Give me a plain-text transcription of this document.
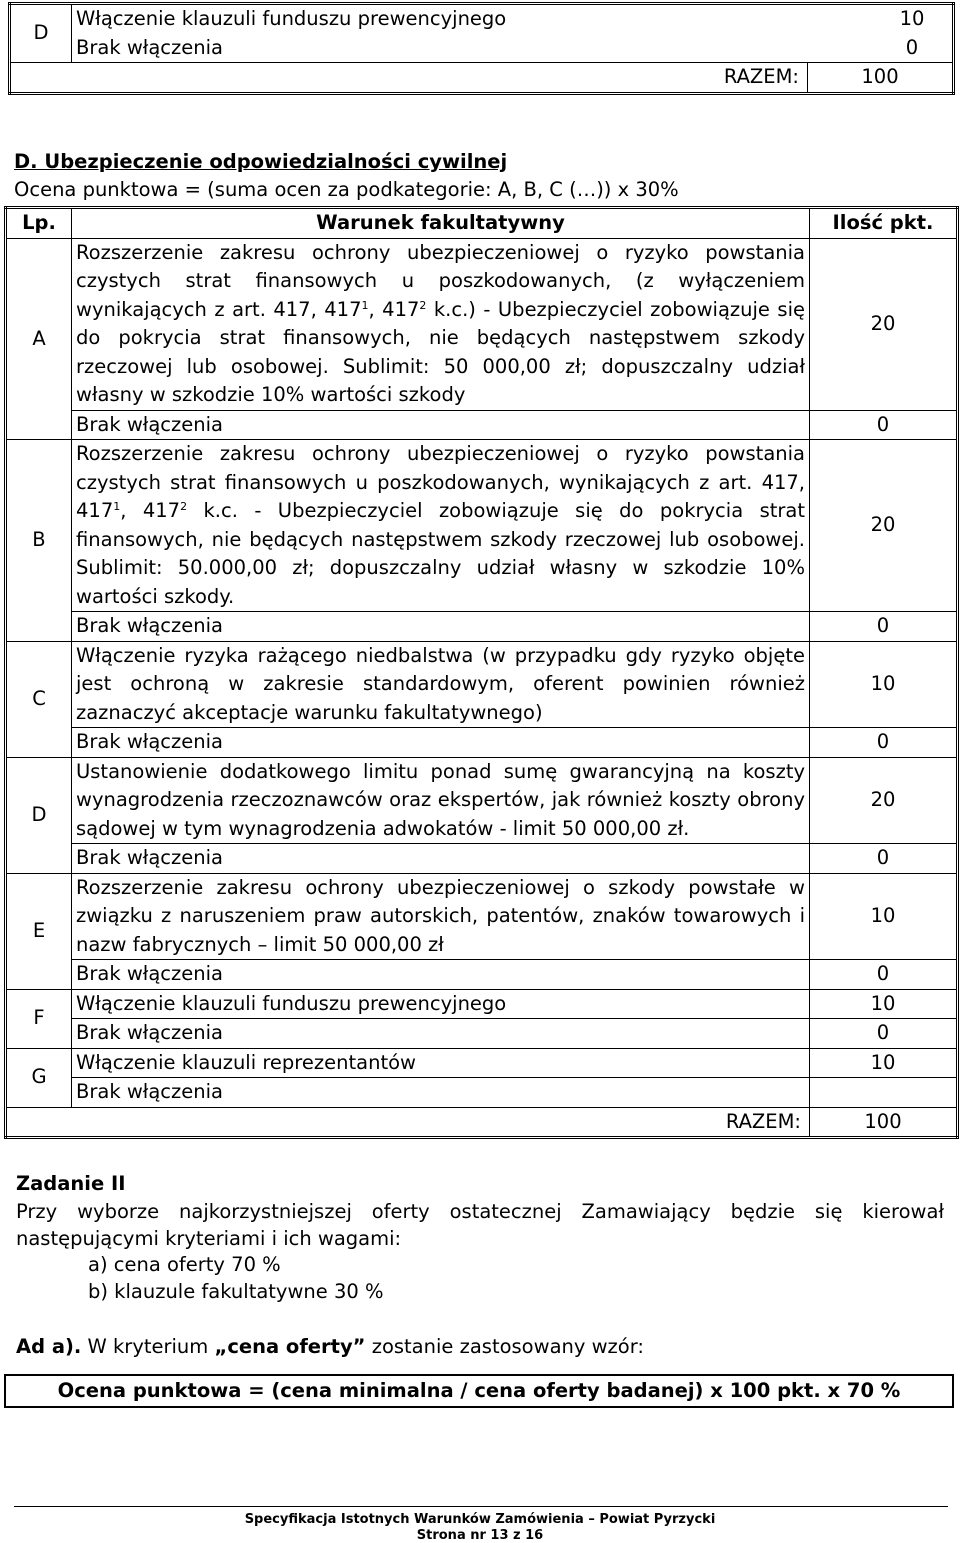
D	Włączenie klauzuli funduszu prewencyjnego 10	

	Brak włączenia 0	

RAZEM:		100
D. Ubezpieczenie odpowiedzialności cywilnej
Ocena punktowa = (suma ocen za podkategorie: A, B, C (…)) x 30%
Lp.	Warunek fakultatywny	Ilość pkt.
A	Rozszerzenie zakresu ochrony ubezpieczeniowej o ryzyko powstania czystych strat finansowych u poszkodowanych, (z wyłączeniem wynikających z art. 417, $417^1$, $417^2$ k.c.) - Ubezpieczyciel zobowiązuje się do pokrycia strat finansowych, nie będących następstwem szkody rzeczowej lub osobowej. Sublimit: 50 000,00 zł; dopuszczalny udział własny w szkodzie 10% wartości szkody	20
	Brak włączenia	0
B	Rozszerzenie zakresu ochrony ubezpieczeniowej o ryzyko powstania czystych strat finansowych u poszkodowanych, wynikających z art. 417, $417^1$, $417^2$ k.c. - Ubezpieczyciel zobowiązuje się do pokrycia strat finansowych, nie będących następstwem szkody rzeczowej lub osobowej. Sublimit: 50.000,00 zł; dopuszczalny udział własny w szkodzie 10% wartości szkody.	20
	Brak włączenia	0
C	Włączenie ryzyka rażącego niedbalstwa (w przypadku gdy ryzyko objęte jest ochroną w zakresie standardowym, oferent powinien również zaznaczyć akceptacje warunku fakultatywnego)	10
	Brak włączenia	0
D	Ustanowienie dodatkowego limitu ponad sumę gwarancyjną na koszty wynagrodzenia rzeczoznawców oraz ekspertów, jak również koszty obrony sądowej w tym wynagrodzenia adwokatów - limit 50 000,00 zł.	20
	Brak włączenia	0
E	Rozszerzenie zakresu ochrony ubezpieczeniowej o szkody powstałe w związku z naruszeniem praw autorskich, patentów, znaków towarowych i nazw fabrycznych – limit 50 000,00 zł	10
	Brak włączenia	0
F	Włączenie klauzuli funduszu prewencyjnego	10
	Brak włączenia	0
G	Włączenie klauzuli reprezentantów	10
	Brak włączenia	
RAZEM:		100
Zadanie II
Przy wyborze najkorzystniejszej oferty ostatecznej Zamawiający będzie się kierował następującymi kryteriami i ich wagami:
a) cena oferty 70 %
b) klauzule fakultatywne 30 %
Ad a). W kryterium „cena oferty” zostanie zastosowany wzór:
Ocena punktowa = (cena minimalna / cena oferty badanej) x 100 pkt. x 70 %
Specyfikacja Istotnych Warunków Zamówienia – Powiat Pyrzycki
Strona nr 13 z 16
